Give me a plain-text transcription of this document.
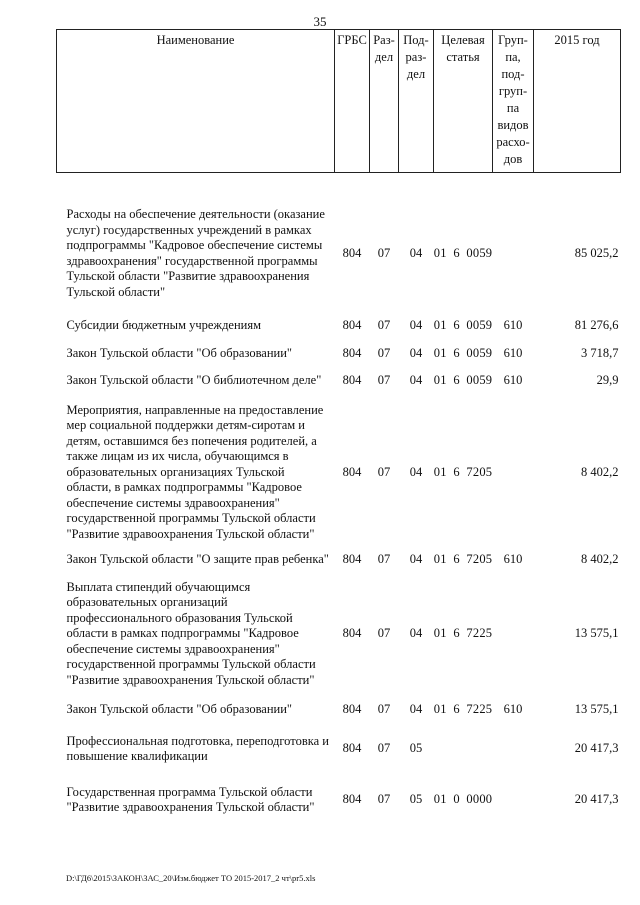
35
Наименование	ГРБС	Раз-дел	Под-раз-дел	Целевая статья	Груп-па, под-груп-па видов расхо-дов	2015 год

Расходы на обеспечение деятельности (оказание услуг) государственных учреждений в рамках подпрограммы "Кадровое обеспечение системы здравоохранения" государственной программы Тульской области "Развитие здравоохранения Тульской области"	804	07	04	01  6  0059		85 025,2

Субсидии бюджетным учреждениям	804	07	04	01  6  0059	610	81 276,6

Закон Тульской области "Об образовании"	804	07	04	01  6  0059	610	3 718,7

Закон Тульской области "О библиотечном деле"	804	07	04	01  6  0059	610	29,9

Мероприятия, направленные на предоставление мер социальной поддержки детям-сиротам и детям, оставшимся без попечения родителей, а также лицам из их числа, обучающимся в образовательных организациях Тульской области, в рамках подпрограммы "Кадровое обеспечение системы здравоохранения" государственной программы Тульской области "Развитие здравоохранения Тульской области"	804	07	04	01  6  7205		8 402,2

Закон Тульской области "О защите прав ребенка"	804	07	04	01  6  7205	610	8 402,2

Выплата стипендий обучающимся образовательных организаций профессионального образования Тульской области в рамках подпрограммы "Кадровое обеспечение системы здравоохранения" государственной программы Тульской области "Развитие здравоохранения Тульской области"	804	07	04	01  6  7225		13 575,1

Закон Тульской области "Об образовании"	804	07	04	01  6  7225	610	13 575,1

Профессиональная подготовка, переподготовка и повышение квалификации	804	07	05			20 417,3

Государственная программа Тульской области "Развитие здравоохранения Тульской области"	804	07	05	01  0  0000		20 417,3
D:\ГД6\2015\ЗАКОН\ЗАС_20\Изм.бюджет ТО 2015-2017_2 чт\pr5.xls
